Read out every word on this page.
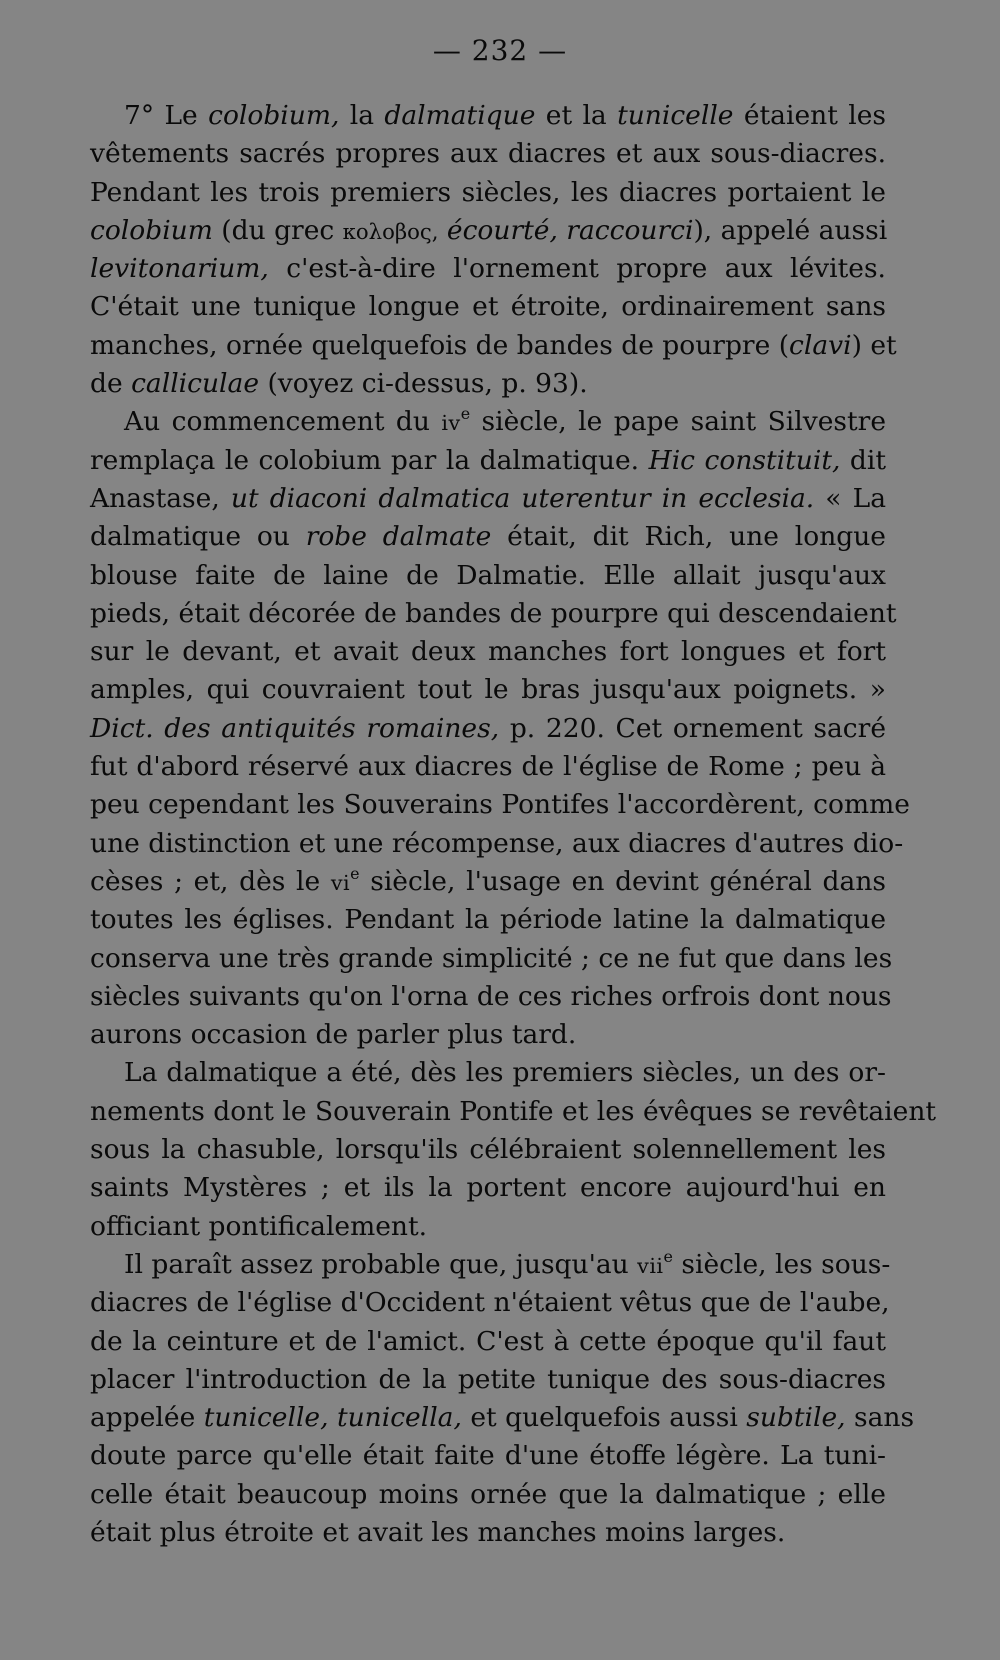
— 232 —
7° Le colobium, la dalmatique et la tunicelle étaient les
vêtements sacrés propres aux diacres et aux sous-diacres.
Pendant les trois premiers siècles, les diacres portaient le
colobium (du grec κολοβος, écourté, raccourci), appelé aussi
levitonarium, c'est-à-dire l'ornement propre aux lévites.
C'était une tunique longue et étroite, ordinairement sans
manches, ornée quelquefois de bandes de pourpre (clavi) et
de calliculae (voyez ci-dessus, p. 93).
Au commencement du $iv^e$ siècle, le pape saint Silvestre
remplaça le colobium par la dalmatique. Hic constituit, dit
Anastase, ut diaconi dalmatica uterentur in ecclesia. « La
dalmatique ou robe dalmate était, dit Rich, une longue
blouse faite de laine de Dalmatie. Elle allait jusqu'aux
pieds, était décorée de bandes de pourpre qui descendaient
sur le devant, et avait deux manches fort longues et fort
amples, qui couvraient tout le bras jusqu'aux poignets. »
Dict. des antiquités romaines, p. 220. Cet ornement sacré
fut d'abord réservé aux diacres de l'église de Rome ; peu à
peu cependant les Souverains Pontifes l'accordèrent, comme
une distinction et une récompense, aux diacres d'autres dio-
cèses ; et, dès le $vi^e$ siècle, l'usage en devint général dans
toutes les églises. Pendant la période latine la dalmatique
conserva une très grande simplicité ; ce ne fut que dans les
siècles suivants qu'on l'orna de ces riches orfrois dont nous
aurons occasion de parler plus tard.
La dalmatique a été, dès les premiers siècles, un des or-
nements dont le Souverain Pontife et les évêques se revêtaient
sous la chasuble, lorsqu'ils célébraient solennellement les
saints Mystères ; et ils la portent encore aujourd'hui en
officiant pontificalement.
Il paraît assez probable que, jusqu'au vii$^e$ siècle, les sous-
diacres de l'église d'Occident n'étaient vêtus que de l'aube,
de la ceinture et de l'amict. C'est à cette époque qu'il faut
placer l'introduction de la petite tunique des sous-diacres
appelée tunicelle, tunicella, et quelquefois aussi subtile, sans
doute parce qu'elle était faite d'une étoffe légère. La tuni-
celle était beaucoup moins ornée que la dalmatique ; elle
était plus étroite et avait les manches moins larges.
